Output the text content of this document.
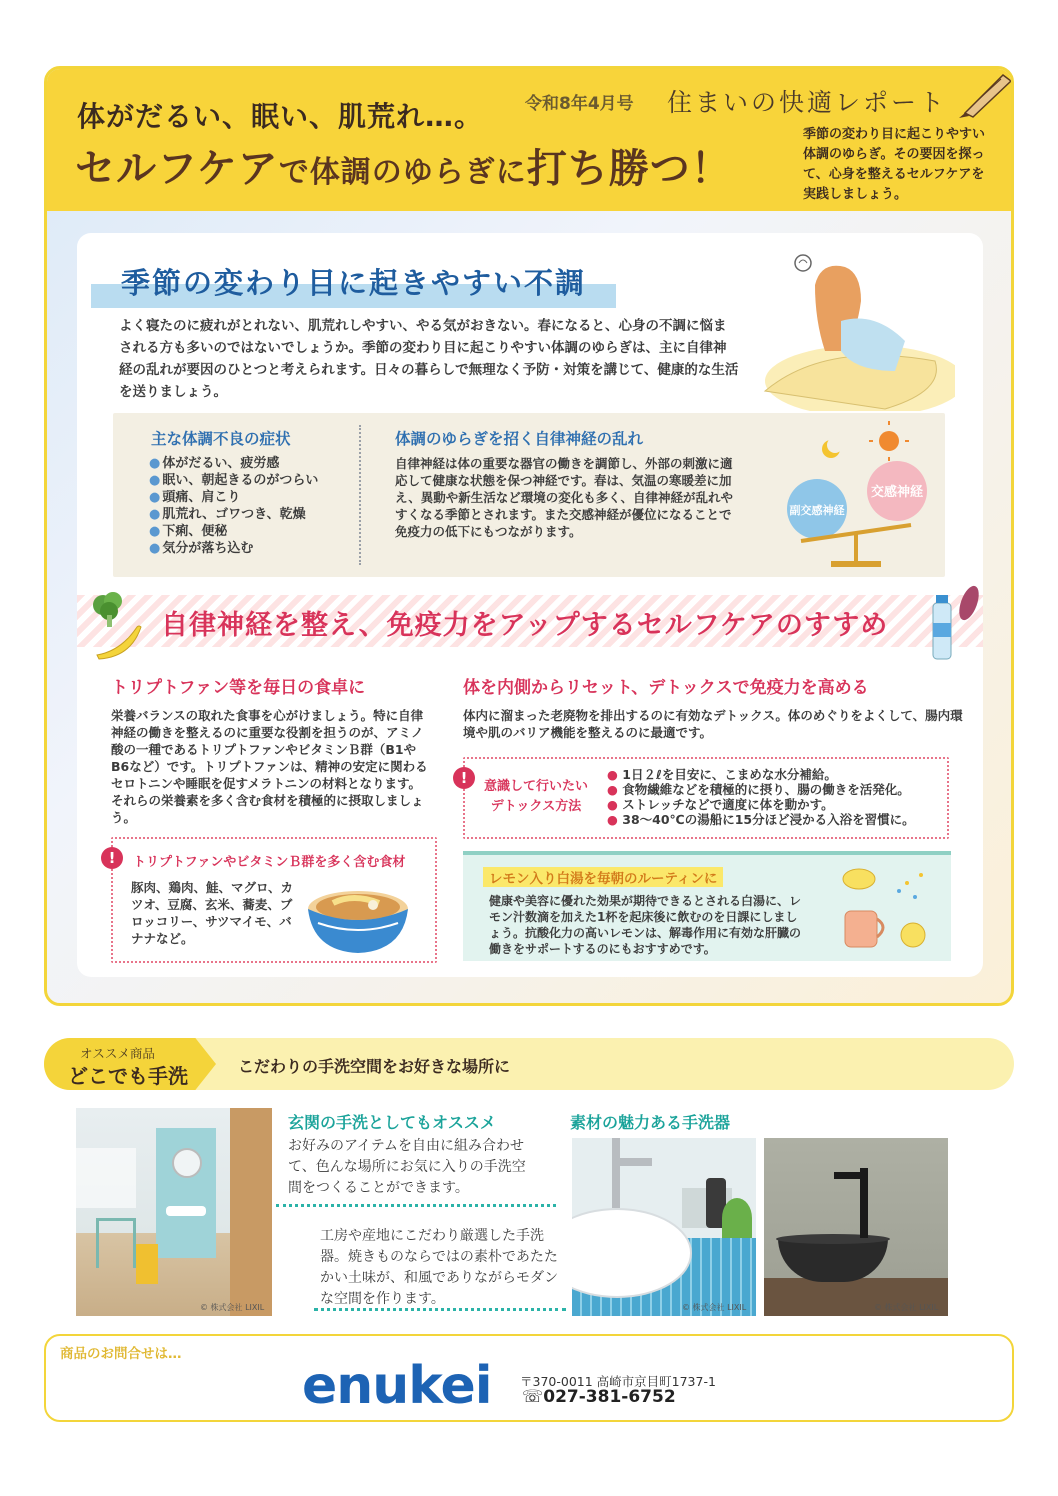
体がだるい、眠い、肌荒れ…。
セルフケアで体調のゆらぎに打ち勝つ！
令和8年4月号 住まいの快適レポート
季節の変わり目に起こりやすい体調のゆらぎ。その要因を探って、心身を整えるセルフケアを実践しましょう。
季節の変わり目に起きやすい不調
よく寝たのに疲れがとれない、肌荒れしやすい、やる気がおきない。春になると、心身の不調に悩まされる方も多いのではないでしょうか。季節の変わり目に起こりやすい体調のゆらぎは、主に自律神経の乱れが要因のひとつと考えられます。日々の暮らしで無理なく予防・対策を講じて、健康的な生活を送りましょう。
主な体調不良の症状
● 体がだるい、疲労感
● 眠い、朝起きるのがつらい
● 頭痛、肩こり
● 肌荒れ、ゴワつき、乾燥
● 下痢、便秘
● 気分が落ち込む
体調のゆらぎを招く自律神経の乱れ
自律神経は体の重要な器官の働きを調節し、外部の刺激に適応して健康な状態を保つ神経です。春は、気温の寒暖差に加え、異動や新生活など環境の変化も多く、自律神経が乱れやすくなる季節とされます。また交感神経が優位になることで免疫力の低下にもつながります。
交感神経
副交感神経
自律神経を整え、免疫力をアップするセルフケアのすすめ
トリプトファン等を毎日の食卓に
栄養バランスの取れた食事を心がけましょう。特に自律神経の働きを整えるのに重要な役割を担うのが、アミノ酸の一種であるトリプトファンやビタミンＢ群（B1やB6など）です。トリプトファンは、精神の安定に関わるセロトニンや睡眠を促すメラトニンの材料となります。それらの栄養素を多く含む食材を積極的に摂取しましょう。
!	トリプトファンやビタミンＢ群を多く含む食材
豚肉、鶏肉、鮭、マグロ、カツオ、豆腐、玄米、蕎麦、ブロッコリー、サツマイモ、バナナなど。
体を内側からリセット、デトックスで免疫力を高める
体内に溜まった老廃物を排出するのに有効なデトックス。体のめぐりをよくして、腸内環境や肌のバリア機能を整えるのに最適です。
!	意識して行いたい
デトックス方法
● 1日２ℓを目安に、こまめな水分補給。
● 食物繊維などを積極的に摂り、腸の働きを活発化。
● ストレッチなどで適度に体を動かす。
● 38～40℃の湯船に15分ほど浸かる入浴を習慣に。
レモン入り白湯を毎朝のルーティンに
健康や美容に優れた効果が期待できるとされる白湯に、レモン汁数滴を加えた1杯を起床後に飲むのを日課にしましょう。抗酸化力の高いレモンは、解毒作用に有効な肝臓の働きをサポートするのにもおすすめです。
オススメ商品
どこでも手洗	こだわりの手洗空間をお好きな場所に
© 株式会社 LIXIL
玄関の手洗としてもオススメ
お好みのアイテムを自由に組み合わせて、色んな場所にお気に入りの手洗空間をつくることができます。
工房や産地にこだわり厳選した手洗器。焼きものならではの素朴であたたかい土味が、和風でありながらモダンな空間を作ります。
素材の魅力ある手洗器
© 株式会社 LIXIL	© 株式会社 LIXIL
商品のお問合せは…
enukei 〒370-0011 高崎市京目町1737-1
☏027-381-6752
